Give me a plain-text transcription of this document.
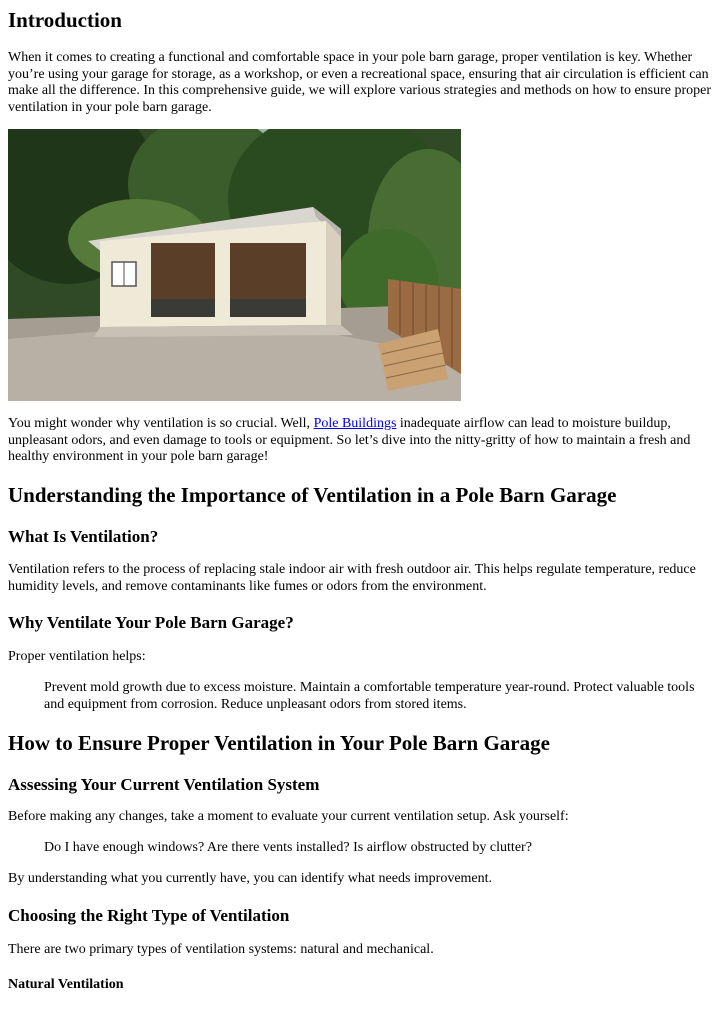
Introduction

When it comes to creating a functional and comfortable space in your pole barn garage, proper ventilation is key. Whether you’re using your garage for storage, as a workshop, or even a recreational space, ensuring that air circulation is efficient can make all the difference. In this comprehensive guide, we will explore various strategies and methods on how to ensure proper ventilation in your pole barn garage.

You might wonder why ventilation is so crucial. Well, Pole Buildings inadequate airflow can lead to moisture buildup, unpleasant odors, and even damage to tools or equipment. So let’s dive into the nitty-gritty of how to maintain a fresh and healthy environment in your pole barn garage!

Understanding the Importance of Ventilation in a Pole Barn Garage
What Is Ventilation?

Ventilation refers to the process of replacing stale indoor air with fresh outdoor air. This helps regulate temperature, reduce humidity levels, and remove contaminants like fumes or odors from the environment.

Why Ventilate Your Pole Barn Garage?

Proper ventilation helps:

Prevent mold growth due to excess moisture. Maintain a comfortable temperature year-round. Protect valuable tools and equipment from corrosion. Reduce unpleasant odors from stored items.
How to Ensure Proper Ventilation in Your Pole Barn Garage
Assessing Your Current Ventilation System

Before making any changes, take a moment to evaluate your current ventilation setup. Ask yourself:

Do I have enough windows? Are there vents installed? Is airflow obstructed by clutter?

By understanding what you currently have, you can identify what needs improvement.

Choosing the Right Type of Ventilation

There are two primary types of ventilation systems: natural and mechanical.

Natural Ventilation
